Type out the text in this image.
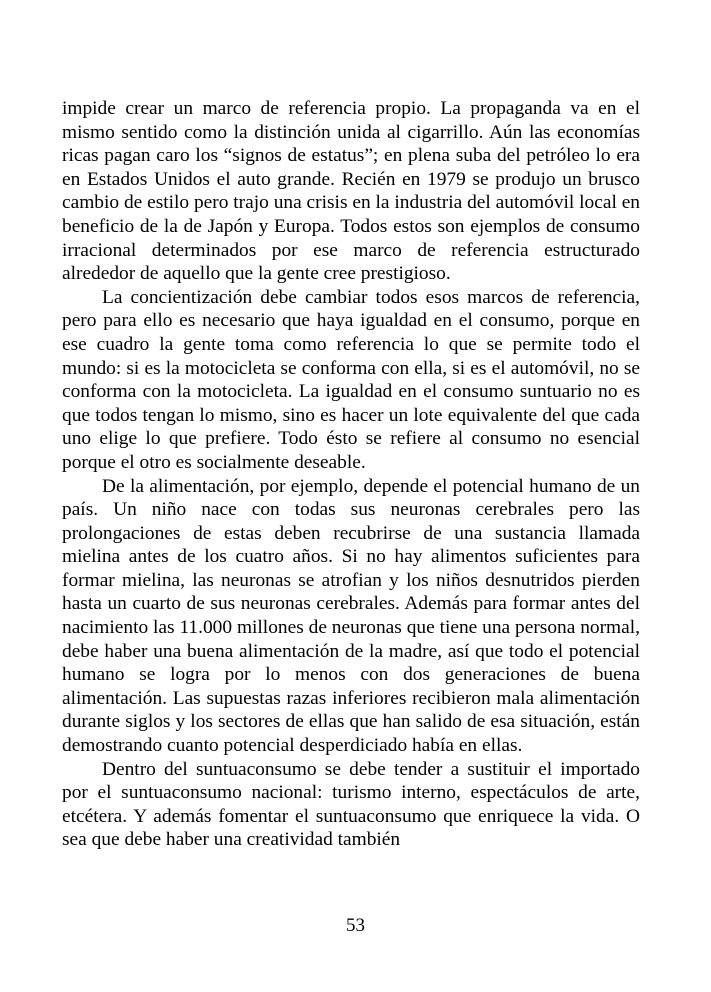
impide crear un marco de referencia propio. La propaganda va en el mismo sentido como la distinción unida al cigarrillo. Aún las economías ricas pagan caro los “signos de estatus”; en plena suba del petróleo lo era en Estados Unidos el auto grande. Recién en 1979 se produjo un brusco cambio de estilo pero trajo una crisis en la industria del automóvil local en beneficio de la de Japón y Europa. Todos estos son ejemplos de consumo irracional determinados por ese marco de referencia estructurado alrededor de aquello que la gente cree prestigioso.

La concientización debe cambiar todos esos marcos de referencia, pero para ello es necesario que haya igualdad en el consumo, porque en ese cuadro la gente toma como referencia lo que se permite todo el mundo: si es la motocicleta se conforma con ella, si es el automóvil, no se conforma con la motocicleta. La igualdad en el consumo suntuario no es que todos tengan lo mismo, sino es hacer un lote equivalente del que cada uno elige lo que prefiere. Todo ésto se refiere al consumo no esencial porque el otro es socialmente deseable.

De la alimentación, por ejemplo, depende el potencial humano de un país. Un niño nace con todas sus neuronas cerebrales pero las prolongaciones de estas deben recubrirse de una sustancia llamada mielina antes de los cuatro años. Si no hay alimentos suficientes para formar mielina, las neuronas se atrofian y los niños desnutridos pierden hasta un cuarto de sus neuronas cerebrales. Además para formar antes del nacimiento las 11.000 millones de neuronas que tiene una persona normal, debe haber una buena alimentación de la madre, así que todo el potencial humano se logra por lo menos con dos generaciones de buena alimentación. Las supuestas razas inferiores recibieron mala alimentación durante siglos y los sectores de ellas que han salido de esa situación, están demostrando cuanto potencial desperdiciado había en ellas.

Dentro del suntuaconsumo se debe tender a sustituir el importado por el suntuaconsumo nacional: turismo interno, espectáculos de arte, etcétera. Y además fomentar el suntuaconsumo que enriquece la vida. O sea que debe haber una creatividad también

53
